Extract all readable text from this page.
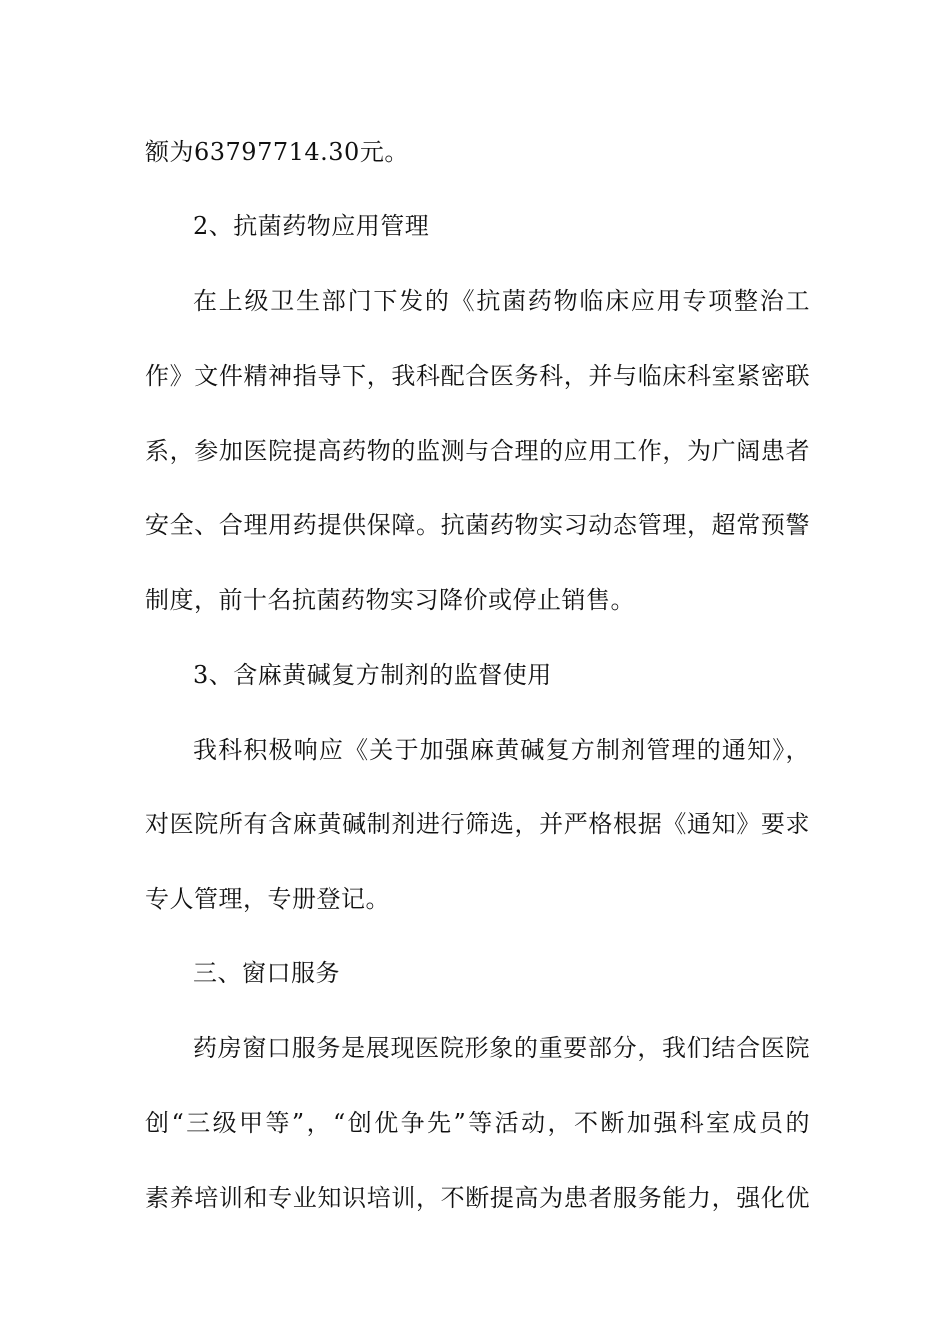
额为63797714.30元。
2、抗菌药物应用管理
在上级卫生部门下发的《抗菌药物临床应用专项整治工
作》文件精神指导下，我科配合医务科，并与临床科室紧密联
系，参加医院提高药物的监测与合理的应用工作，为广阔患者
安全、合理用药提供保障。抗菌药物实习动态管理，超常预警
制度，前十名抗菌药物实习降价或停止销售。
3、含麻黄碱复方制剂的监督使用
我科积极响应《关于加强麻黄碱复方制剂管理的通知》，
对医院所有含麻黄碱制剂进行筛选，并严格根据《通知》要求
专人管理，专册登记。
三、窗口服务
药房窗口服务是展现医院形象的重要部分，我们结合医院
创“三级甲等”，“创优争先”等活动，不断加强科室成员的
素养培训和专业知识培训，不断提高为患者服务能力，强化优
